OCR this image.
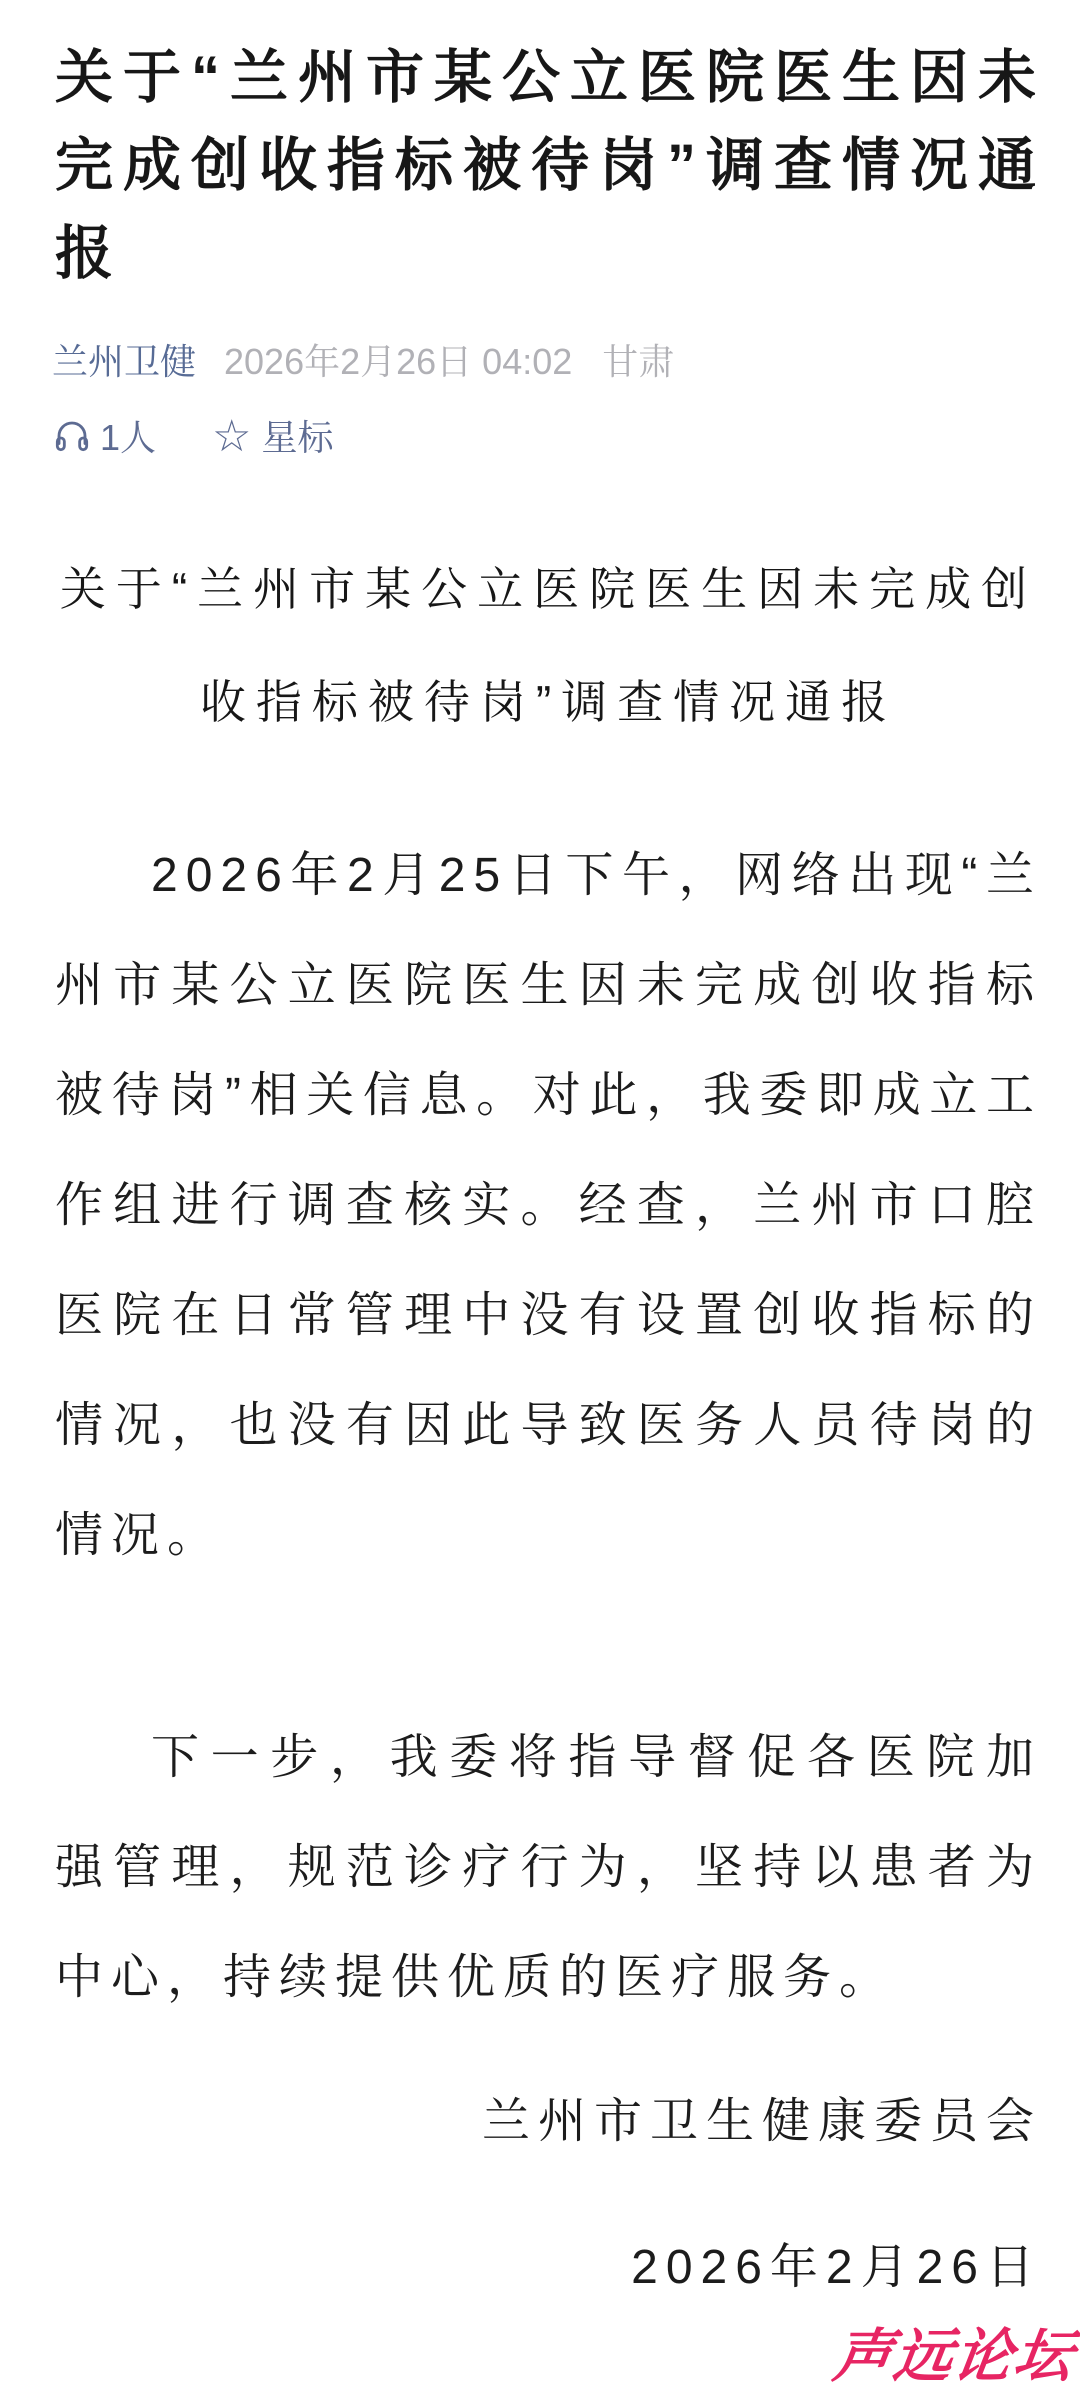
关于“兰州市某公立医院医生因未完成创收指标被待岗”调查情况通报
兰州卫健 2026年2月26日 04:02 甘肃
1人 ☆ 星标
关于“兰州市某公立医院医生因未完成创收指标被待岗”调查情况通报

2026年2月25日下午，网络出现“兰州市某公立医院医生因未完成创收指标被待岗”相关信息。对此，我委即成立工作组进行调查核实。经查，兰州市口腔医院在日常管理中没有设置创收指标的情况，也没有因此导致医务人员待岗的情况。

下一步，我委将指导督促各医院加强管理，规范诊疗行为，坚持以患者为中心，持续提供优质的医疗服务。

兰州市卫生健康委员会

2026年2月26日

声远论坛
